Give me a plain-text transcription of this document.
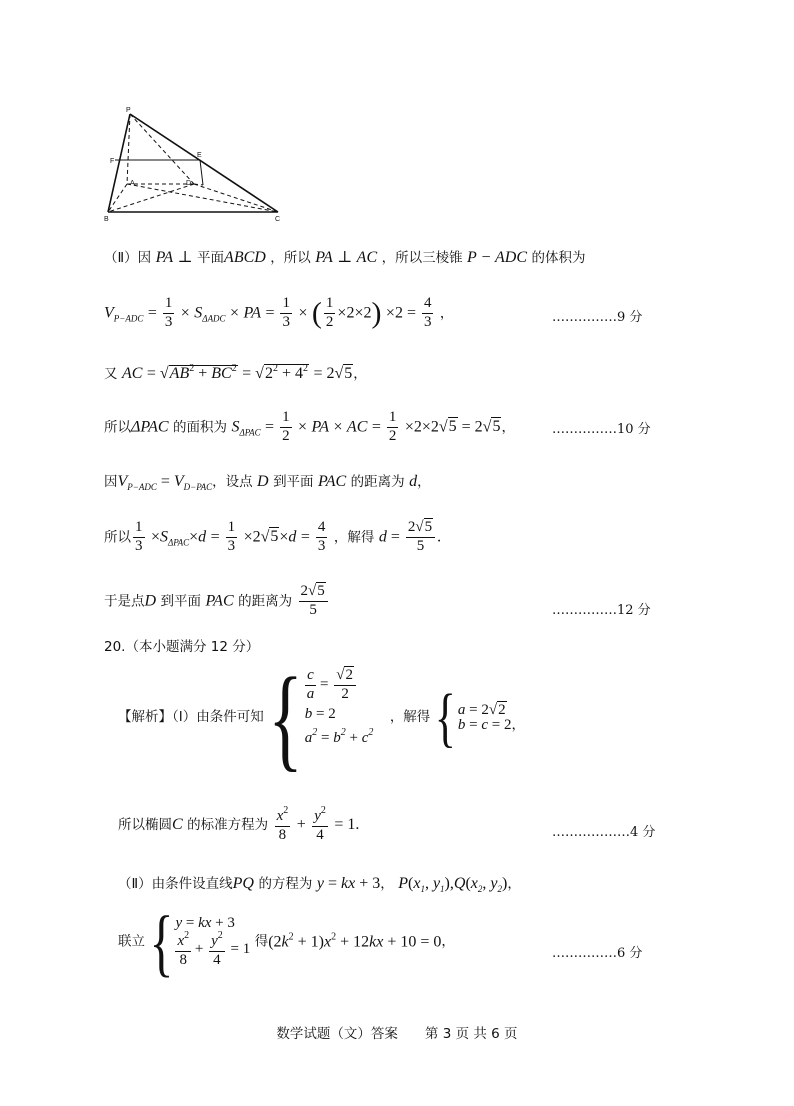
P
F
E
A	D
B	C
（Ⅱ）因 PA ⊥ 平面ABCD ，所以 PA ⊥ AC ，所以三棱锥 P − ADC 的体积为
$V_{P-ADC} = \frac{1}{3} \times S_{\Delta ADC}$ × PA = $\frac{1}{3}$ × ( $\frac{1}{2} \times 2\times 2) \times 2 = \frac{4}{3}$ ，	……………9 分
又 AC = $√AB^2 + BC^2 = √2^2 + 4^2 = 2√5$，
所以ΔPAC 的面积为 $S_{\Delta PAC} = \frac{1}{2}$ × PA × AC = $\frac{1}{2} \times 2\times 2√5 = 2√5$，	……………10 分
因$V_{P-ADC} = V_{D-PAC}$，设点 D 到平面 PAC 的距离为 d，
所以 $\frac{1}{3} \times S_{\Delta PAC}\times d = \frac{1}{3} \times 2√5\times d = \frac{4}{3}$ ，解得 $d = \frac{2√5}{5}$ .
于是点D 到平面 PAC 的距离为 $\frac{2√5}{5}$	……………12 分
20.（本小题满分 12 分）
【解析】（Ⅰ）由条件可知 { $\frac{c}{a} = \frac{√2}{2}$
b = 2
$a^2 = b^2 + c^2$
，解得 { a = 2√2
b = c = 2，
所以椭圆C 的标准方程为 $\frac{x^2}{8} + \frac{y^2}{4} = 1$.	………………4 分
（Ⅱ）由条件设直线PQ 的方程为 y = kx + 3， $P(x_1$, $y_1),Q(x_2$, $y_2$)，
联立 { y = kx + 3
$\frac{x^2}{8} + \frac{y^2}{4} = 1$ 得$(2k^2 + 1)x^2 + 12kx + 10 = 0$，
……………6 分
数学试题（文）答案　　第 3 页 共 6 页
